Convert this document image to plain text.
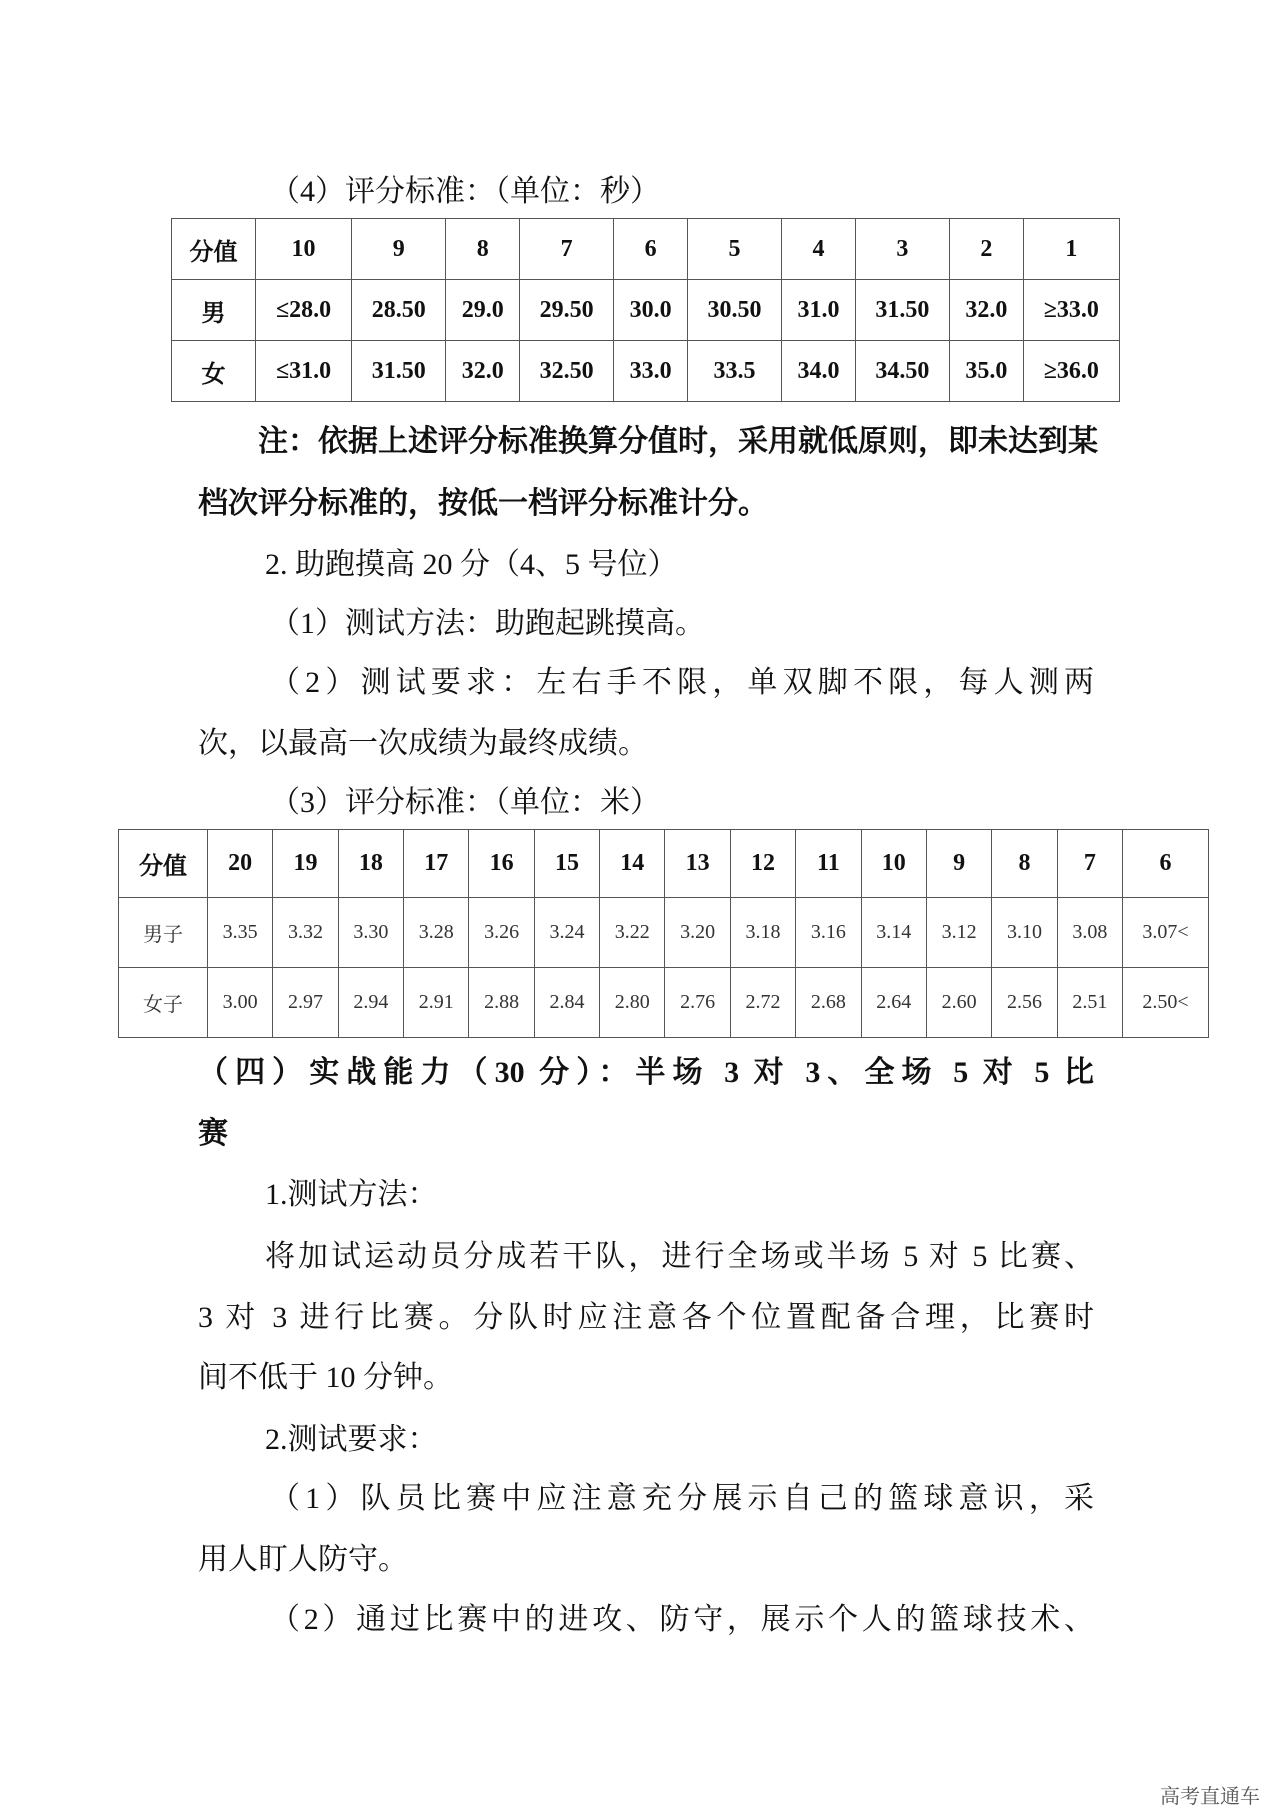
（4）评分标准：（单位：秒）
分值	10	9	8	7	6	5	4	3	2	1
男	≤28.0	28.50	29.0	29.50	30.0	30.50	31.0	31.50	32.0	≥33.0
女	≤31.0	31.50	32.0	32.50	33.0	33.5	34.0	34.50	35.0	≥36.0
注：依据上述评分标准换算分值时，采用就低原则，即未达到某
档次评分标准的，按低一档评分标准计分。
2. 助跑摸高 20 分（4、5 号位）
（1）测试方法：助跑起跳摸高。
（2）测试要求：左右手不限，单双脚不限，每人测两
次，以最高一次成绩为最终成绩。
（3）评分标准：（单位：米）
分值	20	19	18	17	16	15	14	13	12	11	10	9	8	7	6
男子	3.35	3.32	3.30	3.28	3.26	3.24	3.22	3.20	3.18	3.16	3.14	3.12	3.10	3.08	3.07<
女子	3.00	2.97	2.94	2.91	2.88	2.84	2.80	2.76	2.72	2.68	2.64	2.60	2.56	2.51	2.50<
（四）实战能力（30 分）：半场 3 对 3、全场 5 对 5 比
赛
1.测试方法：
将加试运动员分成若干队，进行全场或半场 5 对 5 比赛、
3 对 3 进行比赛。分队时应注意各个位置配备合理，比赛时
间不低于 10 分钟。
2.测试要求：
（1）队员比赛中应注意充分展示自己的篮球意识，采
用人盯人防守。
（2）通过比赛中的进攻、防守，展示个人的篮球技术、
高考直通车
